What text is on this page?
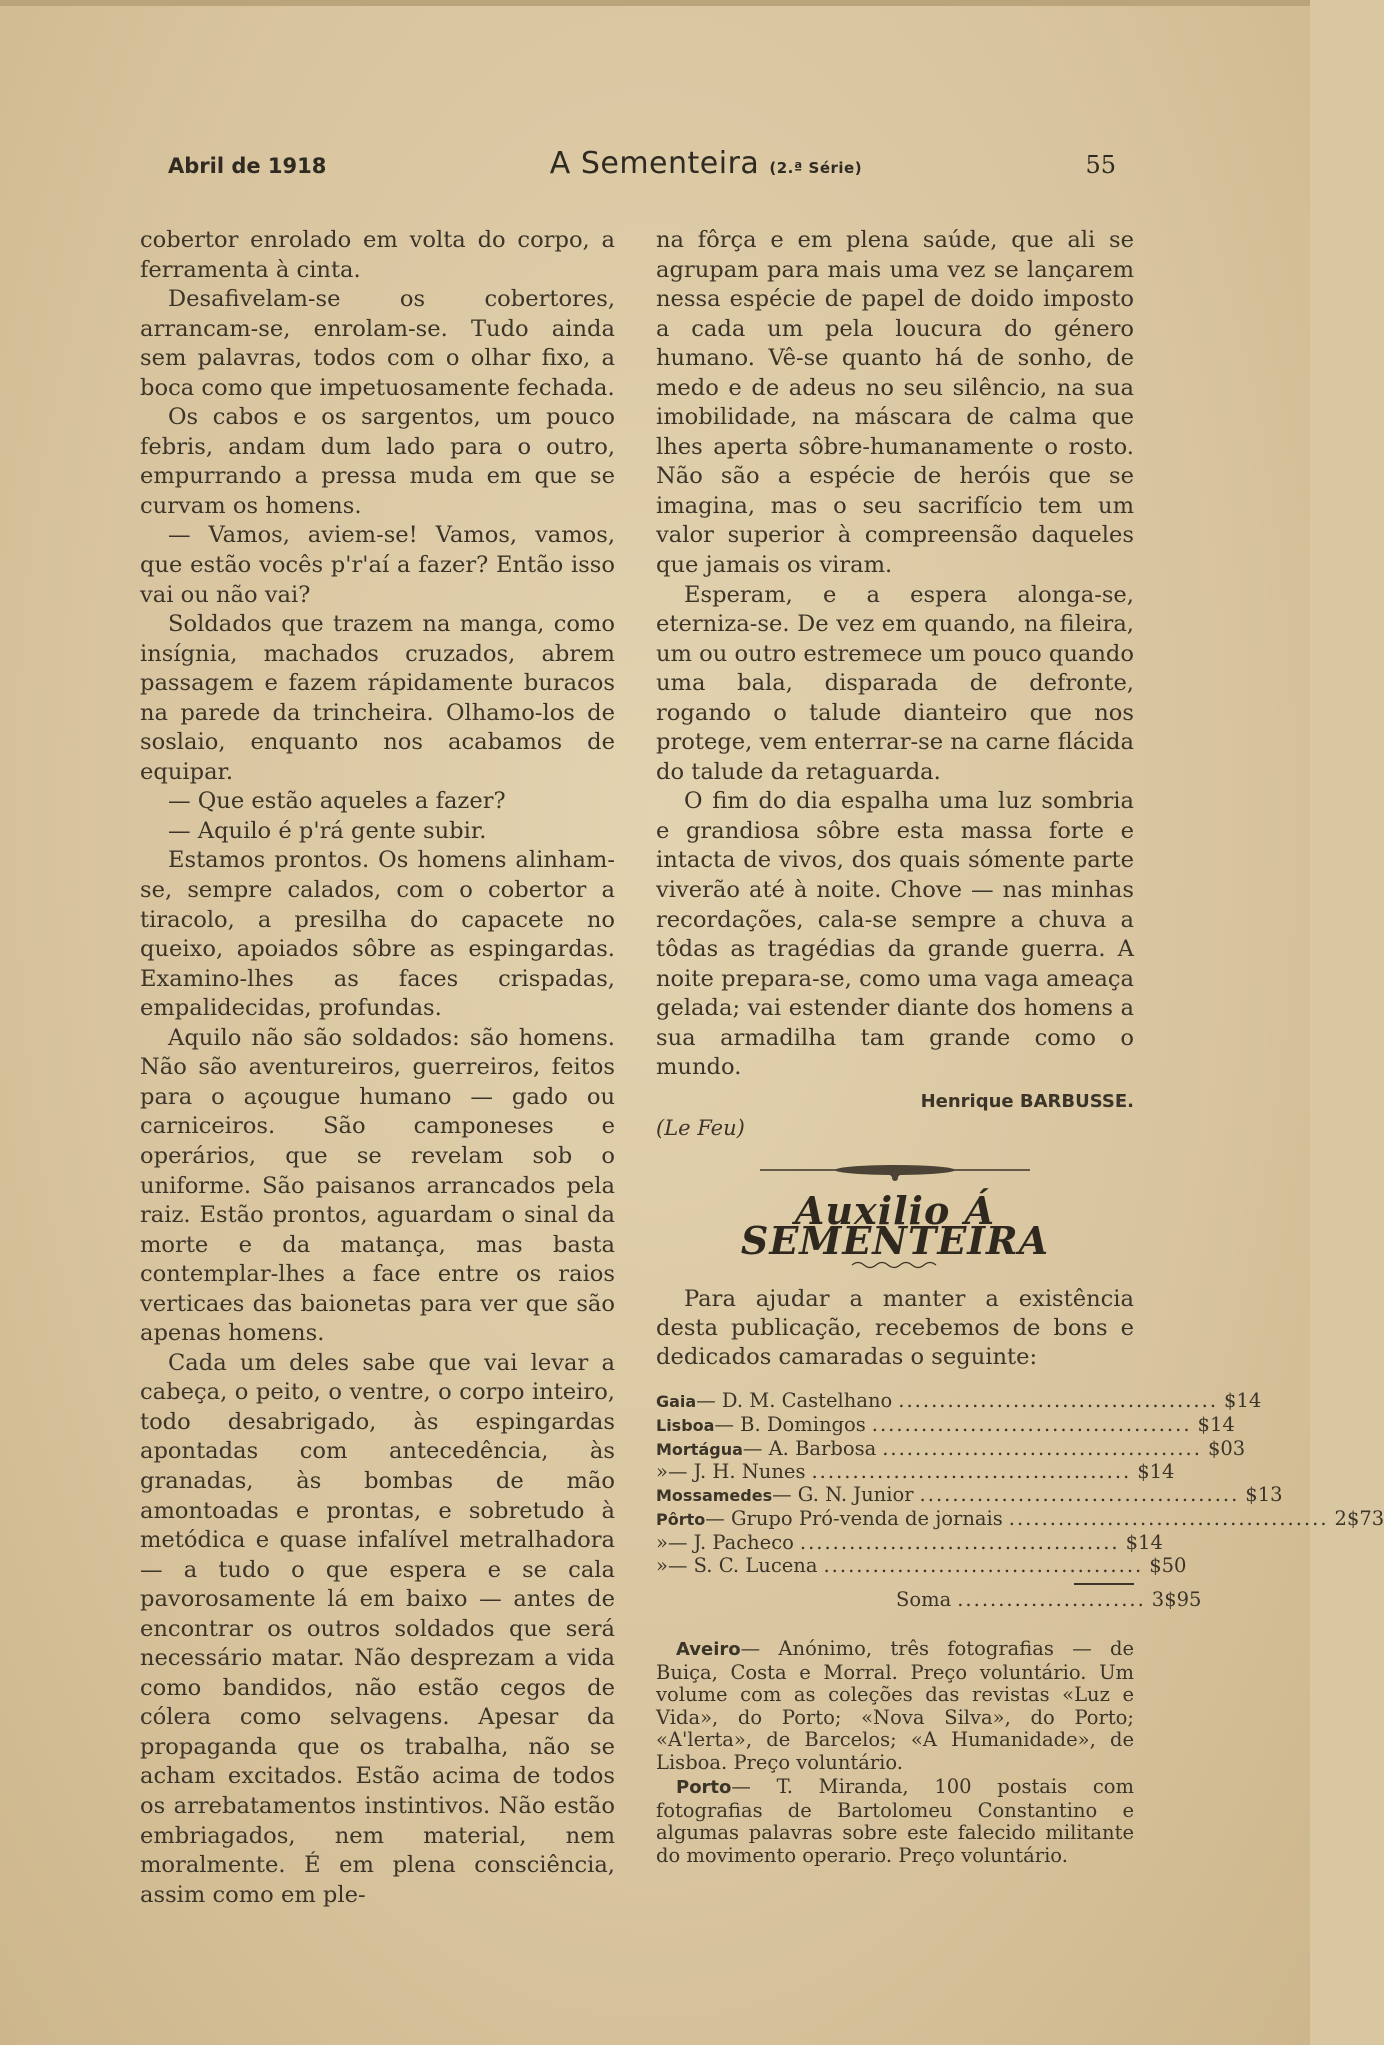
Abril de 1918	A Sementeira (2.ª Série)	55

cobertor enrolado em volta do corpo, a ferramenta à cinta.

Desafivelam-se os cobertores, arrancam-se, enrolam-se. Tudo ainda sem palavras, todos com o olhar fixo, a boca como que impetuosamente fechada.

Os cabos e os sargentos, um pouco febris, andam dum lado para o outro, empurrando a pressa muda em que se curvam os homens.

— Vamos, aviem-se! Vamos, vamos, que estão vocês p'r'aí a fazer? Então isso vai ou não vai?

Soldados que trazem na manga, como insígnia, machados cruzados, abrem passagem e fazem rápidamente buracos na parede da trincheira. Olhamo-los de soslaio, enquanto nos acabamos de equipar.

— Que estão aqueles a fazer?

— Aquilo é p'rá gente subir.

Estamos prontos. Os homens alinham-se, sempre calados, com o cobertor a tiracolo, a presilha do capacete no queixo, apoiados sôbre as espingardas. Examino-lhes as faces crispadas, empalidecidas, profundas.

Aquilo não são soldados: são homens. Não são aventureiros, guerreiros, feitos para o açougue humano — gado ou carniceiros. São camponeses e operários, que se revelam sob o uniforme. São paisanos arrancados pela raiz. Estão prontos, aguardam o sinal da morte e da matança, mas basta contemplar-lhes a face entre os raios verticaes das baionetas para ver que são apenas homens.

Cada um deles sabe que vai levar a cabeça, o peito, o ventre, o corpo inteiro, todo desabrigado, às espingardas apontadas com antecedência, às granadas, às bombas de mão amontoadas e prontas, e sobretudo à metódica e quase infalível metralhadora — a tudo o que espera e se cala pavorosamente lá em baixo — antes de encontrar os outros soldados que será necessário matar. Não desprezam a vida como bandidos, não estão cegos de cólera como selvagens. Apesar da propaganda que os trabalha, não se acham excitados. Estão acima de todos os arrebatamentos instintivos. Não estão embriagados, nem material, nem moralmente. É em plena consciência, assim como em ple-

na fôrça e em plena saúde, que ali se agrupam para mais uma vez se lançarem nessa espécie de papel de doido imposto a cada um pela loucura do género humano. Vê-se quanto há de sonho, de medo e de adeus no seu silêncio, na sua imobilidade, na máscara de calma que lhes aperta sôbre-humanamente o rosto. Não são a espécie de heróis que se imagina, mas o seu sacrifício tem um valor superior à compreensão daqueles que jamais os viram.

Esperam, e a espera alonga-se, eterniza-se. De vez em quando, na fileira, um ou outro estremece um pouco quando uma bala, disparada de defronte, rogando o talude dianteiro que nos protege, vem enterrar-se na carne flácida do talude da retaguarda.

O fim do dia espalha uma luz sombria e grandiosa sôbre esta massa forte e intacta de vivos, dos quais sómente parte viverão até à noite. Chove — nas minhas recordações, cala-se sempre a chuva a tôdas as tragédias da grande guerra. A noite prepara-se, como uma vaga ameaça gelada; vai estender diante dos homens a sua armadilha tam grande como o mundo.

Henrique BARBUSSE.
(Le Feu)
Auxilio Á SEMENTEIRA

Para ajudar a manter a existência desta publicação, recebemos de bons e dedicados camaradas o seguinte:

Gaia — D. M. Castelhano ....................................... $14
Lisboa — B. Domingos ....................................... $14
Mortágua — A. Barbosa ....................................... $03
» — J. H. Nunes ....................................... $14
Mossamedes — G. N. Junior ....................................... $13
Pôrto — Grupo Pró-venda de jornais ....................................... 2$73
» — J. Pacheco ....................................... $14
» — S. C. Lucena ....................................... $50
Soma ....................... 3$95

Aveiro— Anónimo, três fotografias — de Buiça, Costa e Morral. Preço voluntário. Um volume com as coleções das revistas «Luz e Vida», do Porto; «Nova Silva», do Porto; «A'lerta», de Barcelos; «A Humanidade», de Lisboa. Preço voluntário.

Porto— T. Miranda, 100 postais com fotografias de Bartolomeu Constantino e algumas palavras sobre este falecido militante do movimento operario. Preço voluntário.
